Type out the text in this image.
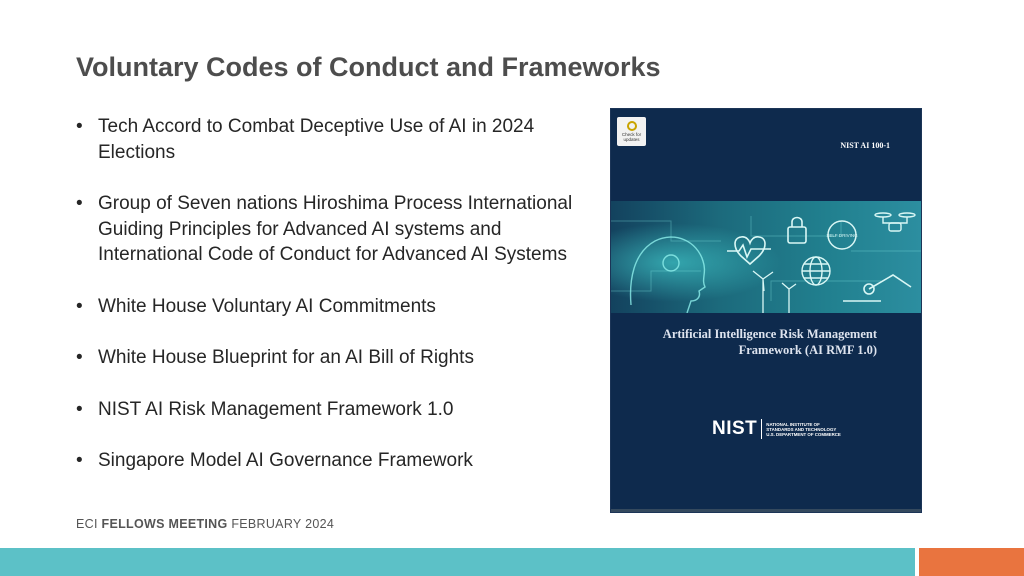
Voluntary Codes of Conduct and Frameworks
• Tech Accord to Combat Deceptive Use of AI in 2024 Elections
• Group of Seven nations Hiroshima Process International Guiding Principles for Advanced AI systems and International Code of Conduct for Advanced AI Systems
• White House Voluntary AI Commitments
• White House Blueprint for an AI Bill of Rights
• NIST AI Risk Management Framework 1.0
• Singapore Model AI Governance Framework
Check for updates
NIST AI 100-1
SELF DRIVING
Artificial Intelligence Risk Management
Framework (AI RMF 1.0)
NIST	NATIONAL INSTITUTE OF
STANDARDS AND TECHNOLOGY
U.S. DEPARTMENT OF COMMERCE
ECI FELLOWS MEETING FEBRUARY 2024
